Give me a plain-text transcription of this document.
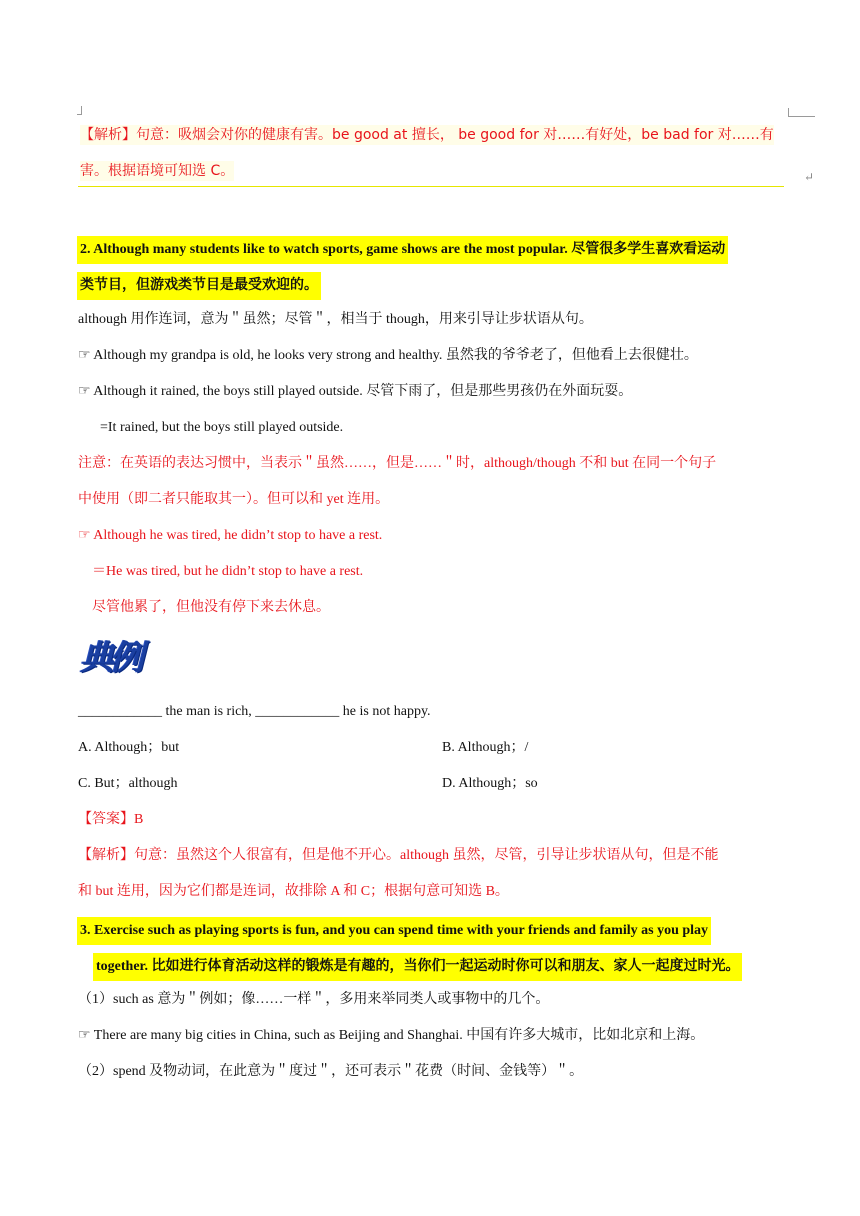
↵
【解析】句意：吸烟会对你的健康有害。be good at 擅长， be good for 对……有好处，be bad for 对……有
害。根据语境可知选 C。
2. Although many students like to watch sports, game shows are the most popular. 尽管很多学生喜欢看运动
类节目，但游戏类节目是最受欢迎的。
although 用作连词，意为＂虽然；尽管＂，相当于 though，用来引导让步状语从句。
☞ Although my grandpa is old, he looks very strong and healthy. 虽然我的爷爷老了，但他看上去很健壮。
☞ Although it rained, the boys still played outside. 尽管下雨了，但是那些男孩仍在外面玩耍。
=It rained, but the boys still played outside.
注意：在英语的表达习惯中，当表示＂虽然……，但是……＂时，although/though 不和 but 在同一个句子
中使用（即二者只能取其一）。但可以和 yet 连用。
☞ Although he was tired, he didn’t stop to have a rest.
＝He was tired, but he didn’t stop to have a rest.
尽管他累了，但他没有停下来去休息。
典例
____________ the man is rich, ____________ he is not happy.
A. Although；but	B. Although；/
C. But；although	D. Although；so
【答案】B
【解析】句意：虽然这个人很富有，但是他不开心。although 虽然，尽管，引导让步状语从句，但是不能
和 but 连用，因为它们都是连词，故排除 A 和 C；根据句意可知选 B。
3. Exercise such as playing sports is fun, and you can spend time with your friends and family as you play
together. 比如进行体育活动这样的锻炼是有趣的，当你们一起运动时你可以和朋友、家人一起度过时光。
（1）such as 意为＂例如；像……一样＂，多用来举同类人或事物中的几个。
☞ There are many big cities in China, such as Beijing and Shanghai. 中国有许多大城市，比如北京和上海。
（2）spend 及物动词，在此意为＂度过＂，还可表示＂花费（时间、金钱等）＂。
